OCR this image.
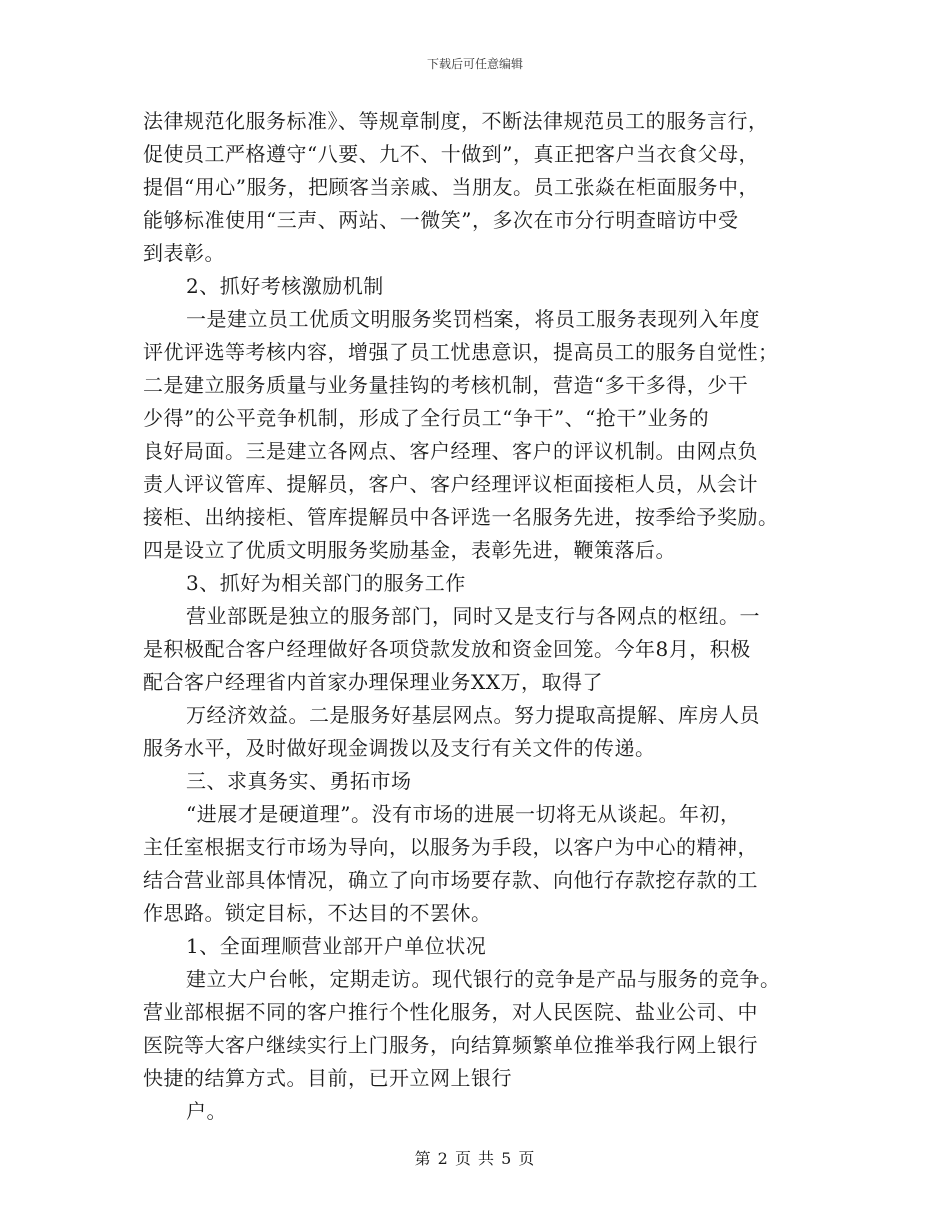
下载后可任意编辑
法律规范化服务标准》、等规章制度，不断法律规范员工的服务言行，
促使员工严格遵守“八要、九不、十做到”，真正把客户当衣食父母，
提倡“用心”服务，把顾客当亲戚、当朋友。员工张焱在柜面服务中，
能够标准使用“三声、两站、一微笑”，多次在市分行明查暗访中受
到表彰。
2、抓好考核激励机制
一是建立员工优质文明服务奖罚档案，将员工服务表现列入年度
评优评选等考核内容，增强了员工忧患意识，提高员工的服务自觉性；
二是建立服务质量与业务量挂钩的考核机制，营造“多干多得，少干
少得”的公平竞争机制，形成了全行员工“争干”、“抢干”业务的
良好局面。三是建立各网点、客户经理、客户的评议机制。由网点负
责人评议管库、提解员，客户、客户经理评议柜面接柜人员，从会计
接柜、出纳接柜、管库提解员中各评选一名服务先进，按季给予奖励。
四是设立了优质文明服务奖励基金，表彰先进，鞭策落后。
3、抓好为相关部门的服务工作
营业部既是独立的服务部门，同时又是支行与各网点的枢纽。一
是积极配合客户经理做好各项贷款发放和资金回笼。今年8月，积极
配合客户经理省内首家办理保理业务XX万，取得了
万经济效益。二是服务好基层网点。努力提取高提解、库房人员
服务水平，及时做好现金调拨以及支行有关文件的传递。
三、求真务实、勇拓市场
“进展才是硬道理”。没有市场的进展一切将无从谈起。年初，
主任室根据支行市场为导向，以服务为手段，以客户为中心的精神，
结合营业部具体情况，确立了向市场要存款、向他行存款挖存款的工
作思路。锁定目标，不达目的不罢休。
1、全面理顺营业部开户单位状况
建立大户台帐，定期走访。现代银行的竞争是产品与服务的竞争。
营业部根据不同的客户推行个性化服务，对人民医院、盐业公司、中
医院等大客户继续实行上门服务，向结算频繁单位推举我行网上银行
快捷的结算方式。目前，已开立网上银行
户。
第 2 页 共 5 页
